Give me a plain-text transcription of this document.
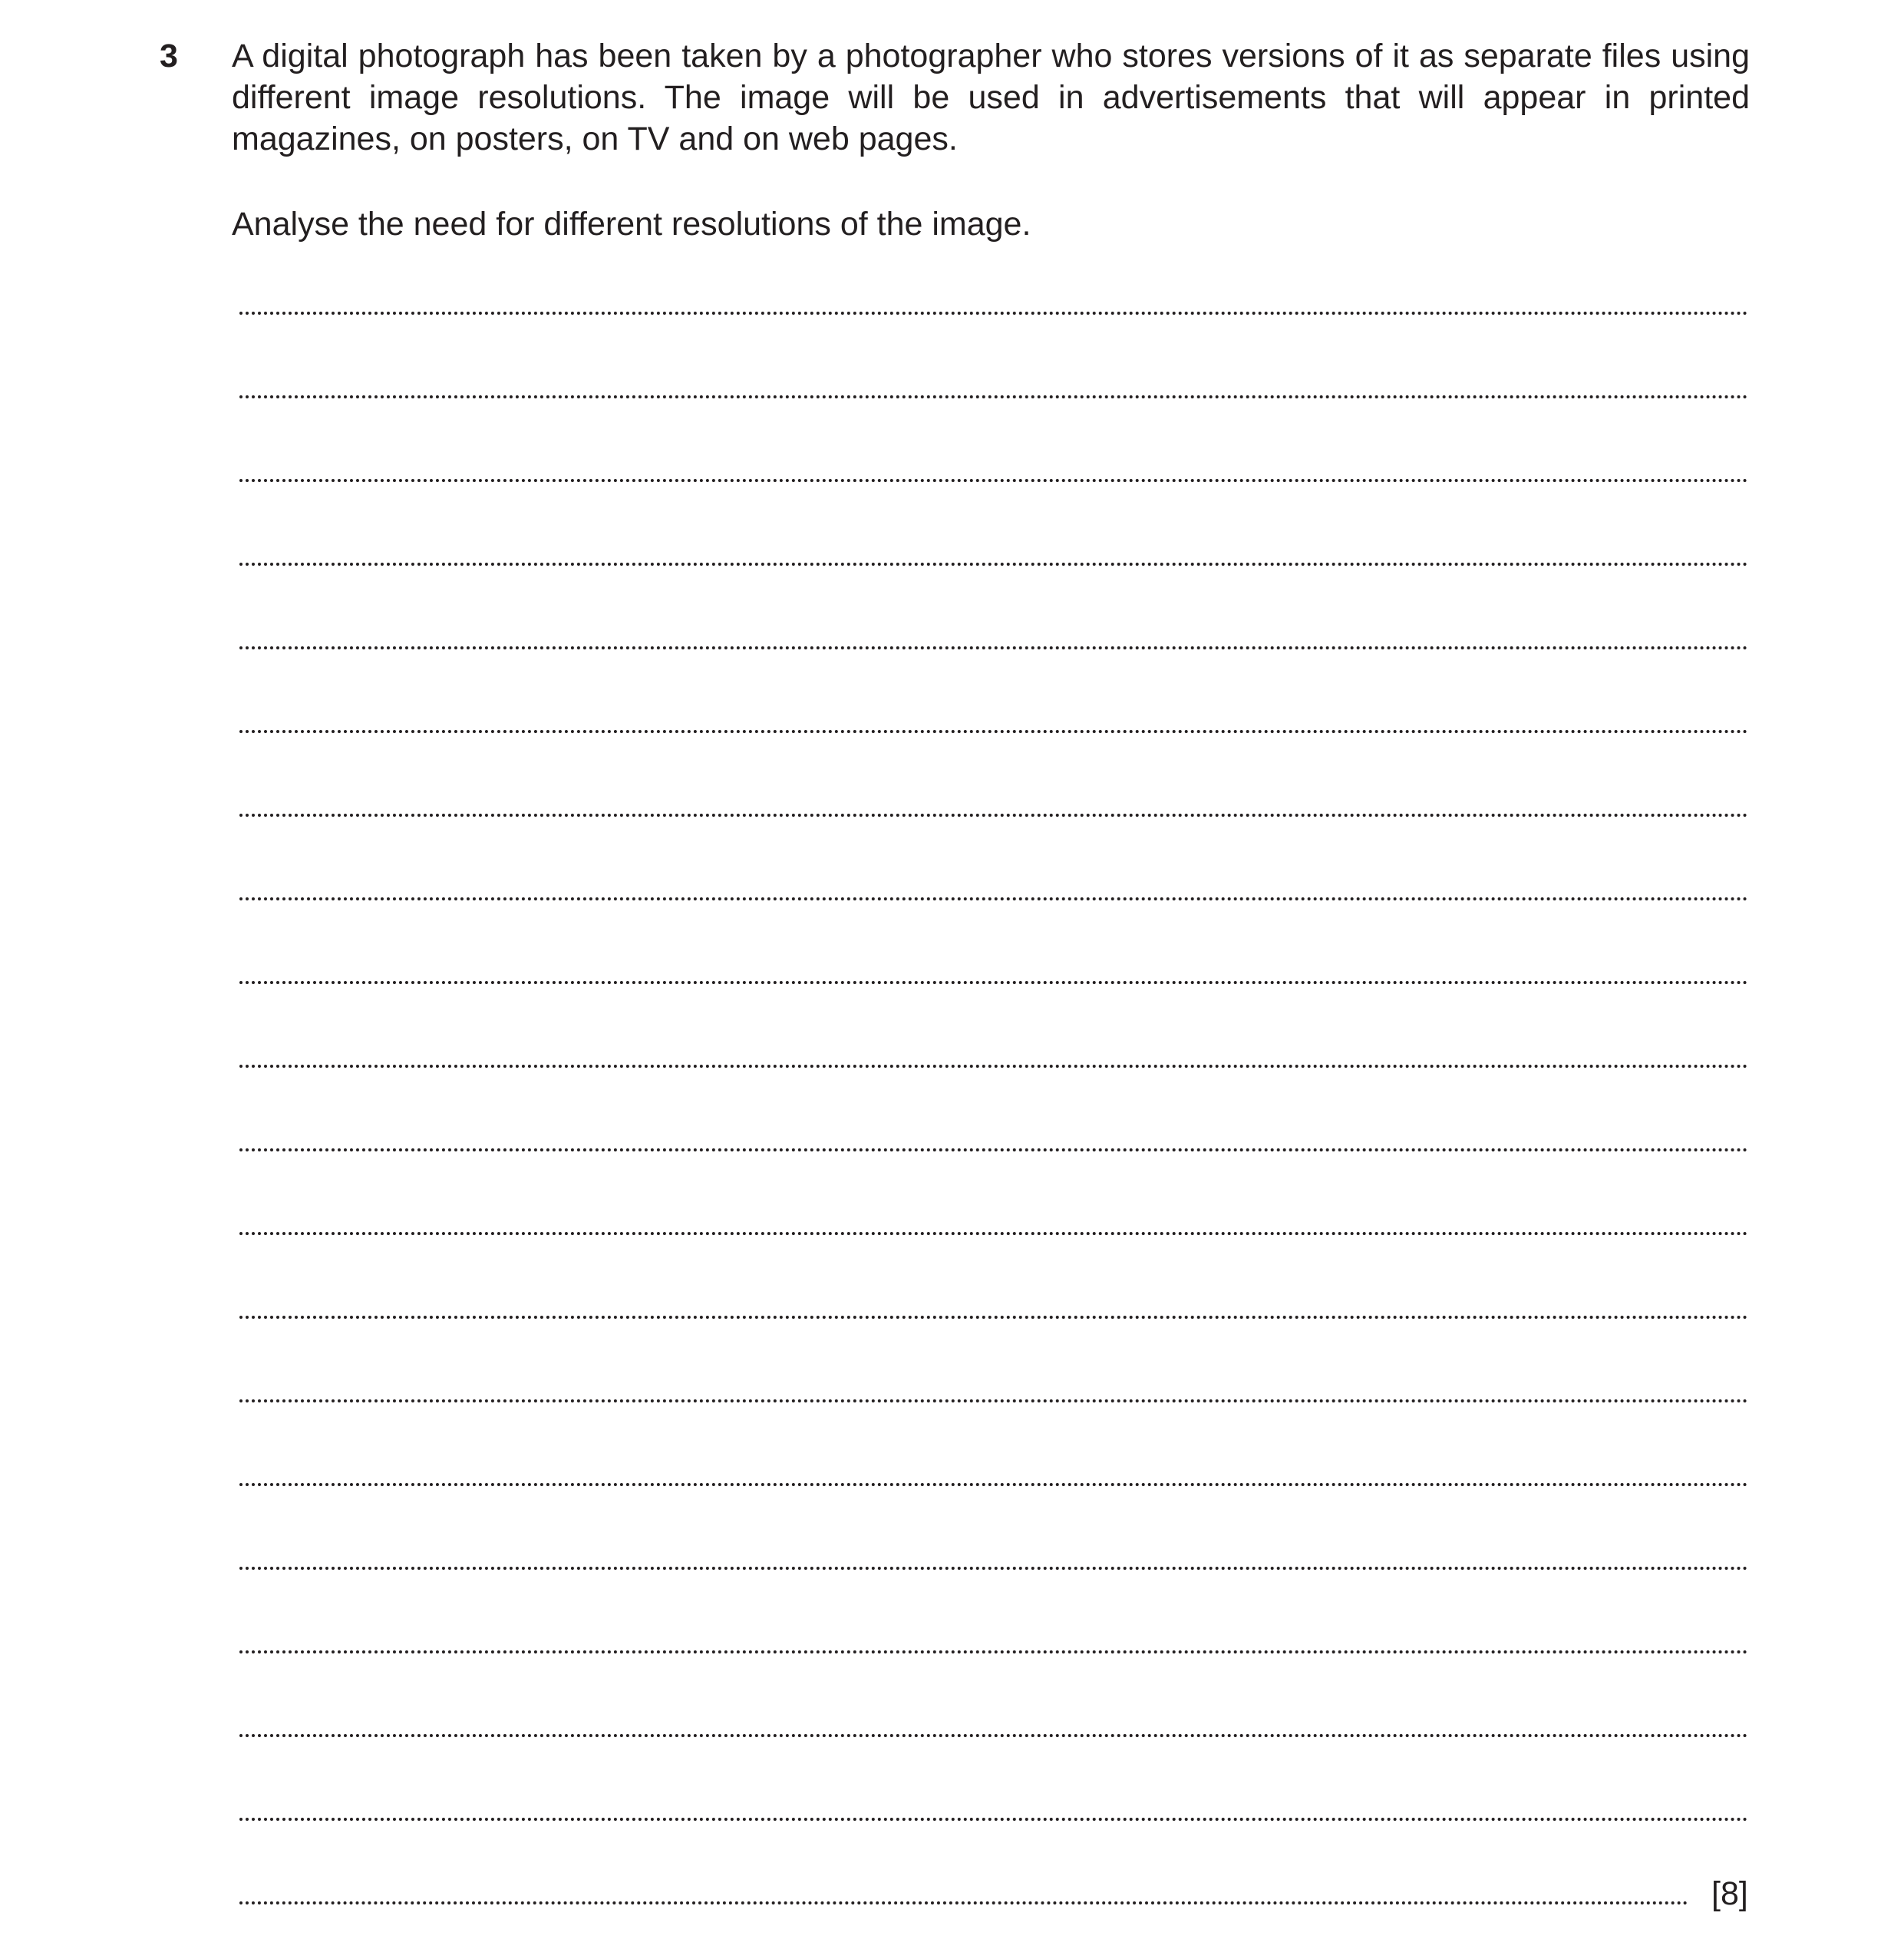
3 A digital photograph has been taken by a photographer who stores versions of it as separate files using different image resolutions. The image will be used in advertisements that will appear in printed magazines, on posters, on TV and on web pages.
Analyse the need for different resolutions of the image.
[8]
